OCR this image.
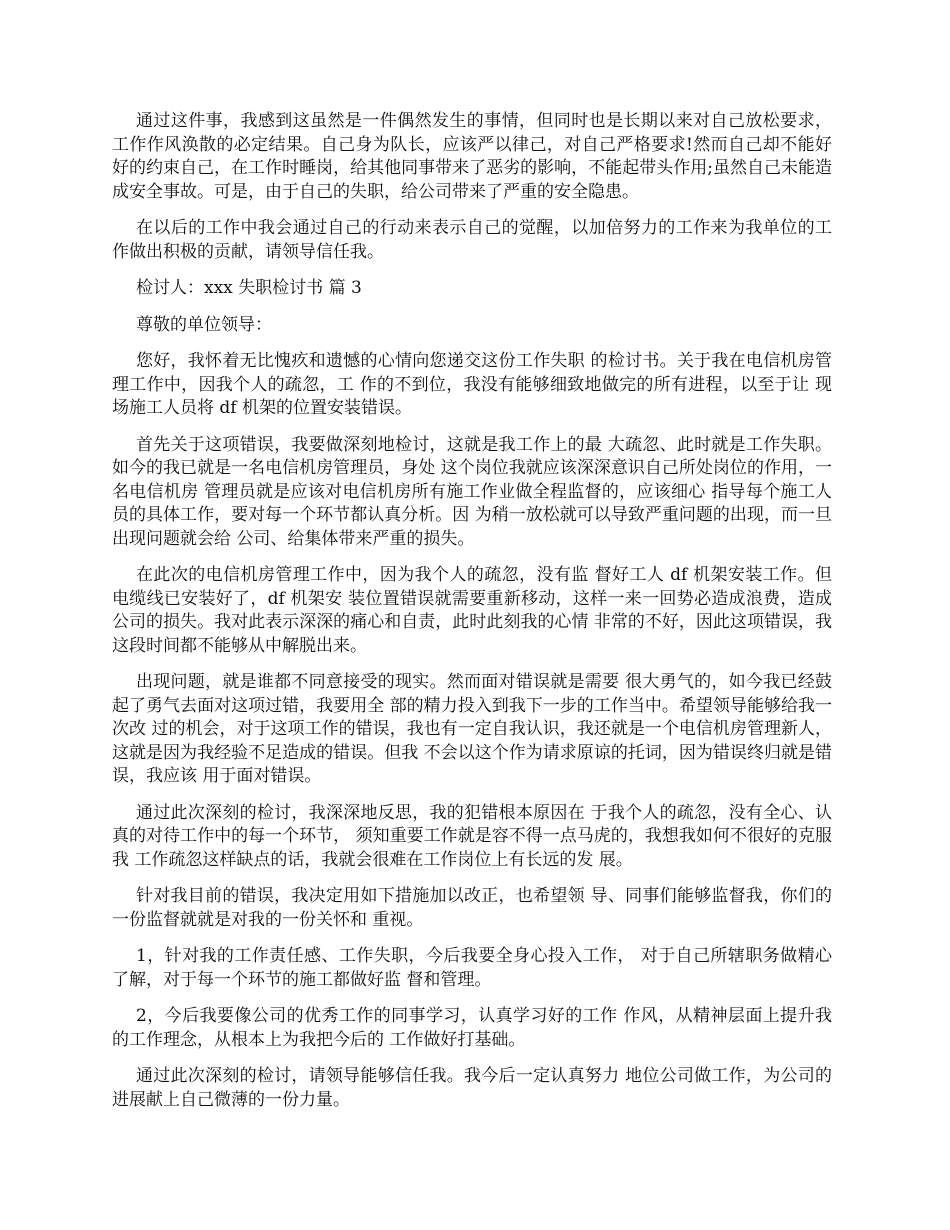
通过这件事，我感到这虽然是一件偶然发生的事情，但同时也是长期以来对自己放松要求，工作作风涣散的必定结果。自己身为队长，应该严以律己，对自己严格要求!然而自己却不能好好的约束自己，在工作时睡岗，给其他同事带来了恶劣的影响，不能起带头作用;虽然自己未能造成安全事故。可是，由于自己的失职，给公司带来了严重的安全隐患。

在以后的工作中我会通过自己的行动来表示自己的觉醒，以加倍努力的工作来为我单位的工作做出积极的贡献，请领导信任我。

检讨人：xxx 失职检讨书 篇 3

尊敬的单位领导：

您好，我怀着无比愧疚和遗憾的心情向您递交这份工作失职 的检讨书。关于我在电信机房管理工作中，因我个人的疏忽，工 作的不到位，我没有能够细致地做完的所有进程，以至于让 现场施工人员将 df 机架的位置安装错误。

首先关于这项错误，我要做深刻地检讨，这就是我工作上的最 大疏忽、此时就是工作失职。如今的我已就是一名电信机房管理员，身处 这个岗位我就应该深深意识自己所处岗位的作用，一名电信机房 管理员就是应该对电信机房所有施工作业做全程监督的，应该细心 指导每个施工人员的具体工作，要对每一个环节都认真分析。因 为稍一放松就可以导致严重问题的出现，而一旦出现问题就会给 公司、给集体带来严重的损失。

在此次的电信机房管理工作中，因为我个人的疏忽，没有监 督好工人 df 机架安装工作。但电缆线已安装好了，df 机架安 装位置错误就需要重新移动，这样一来一回势必造成浪费，造成 公司的损失。我对此表示深深的痛心和自责，此时此刻我的心情 非常的不好，因此这项错误，我这段时间都不能够从中解脱出来。

出现问题，就是谁都不同意接受的现实。然而面对错误就是需要 很大勇气的，如今我已经鼓起了勇气去面对这项过错，我要用全 部的精力投入到我下一步的工作当中。希望领导能够给我一次改 过的机会，对于这项工作的错误，我也有一定自我认识，我还就是一个电信机房管理新人，这就是因为我经验不足造成的错误。但我 不会以这个作为请求原谅的托词，因为错误终归就是错误，我应该 用于面对错误。

通过此次深刻的检讨，我深深地反思，我的犯错根本原因在 于我个人的疏忽，没有全心、认真的对待工作中的每一个环节， 须知重要工作就是容不得一点马虎的，我想我如何不很好的克服我 工作疏忽这样缺点的话，我就会很难在工作岗位上有长远的发 展。

针对我目前的错误，我决定用如下措施加以改正，也希望领 导、同事们能够监督我，你们的一份监督就就是对我的一份关怀和 重视。

1，针对我的工作责任感、工作失职，今后我要全身心投入工作， 对于自己所辖职务做精心了解，对于每一个环节的施工都做好监 督和管理。

2，今后我要像公司的优秀工作的同事学习，认真学习好的工作 作风，从精神层面上提升我的工作理念，从根本上为我把今后的 工作做好打基础。

通过此次深刻的检讨，请领导能够信任我。我今后一定认真努力 地位公司做工作，为公司的进展献上自己微薄的一份力量。
